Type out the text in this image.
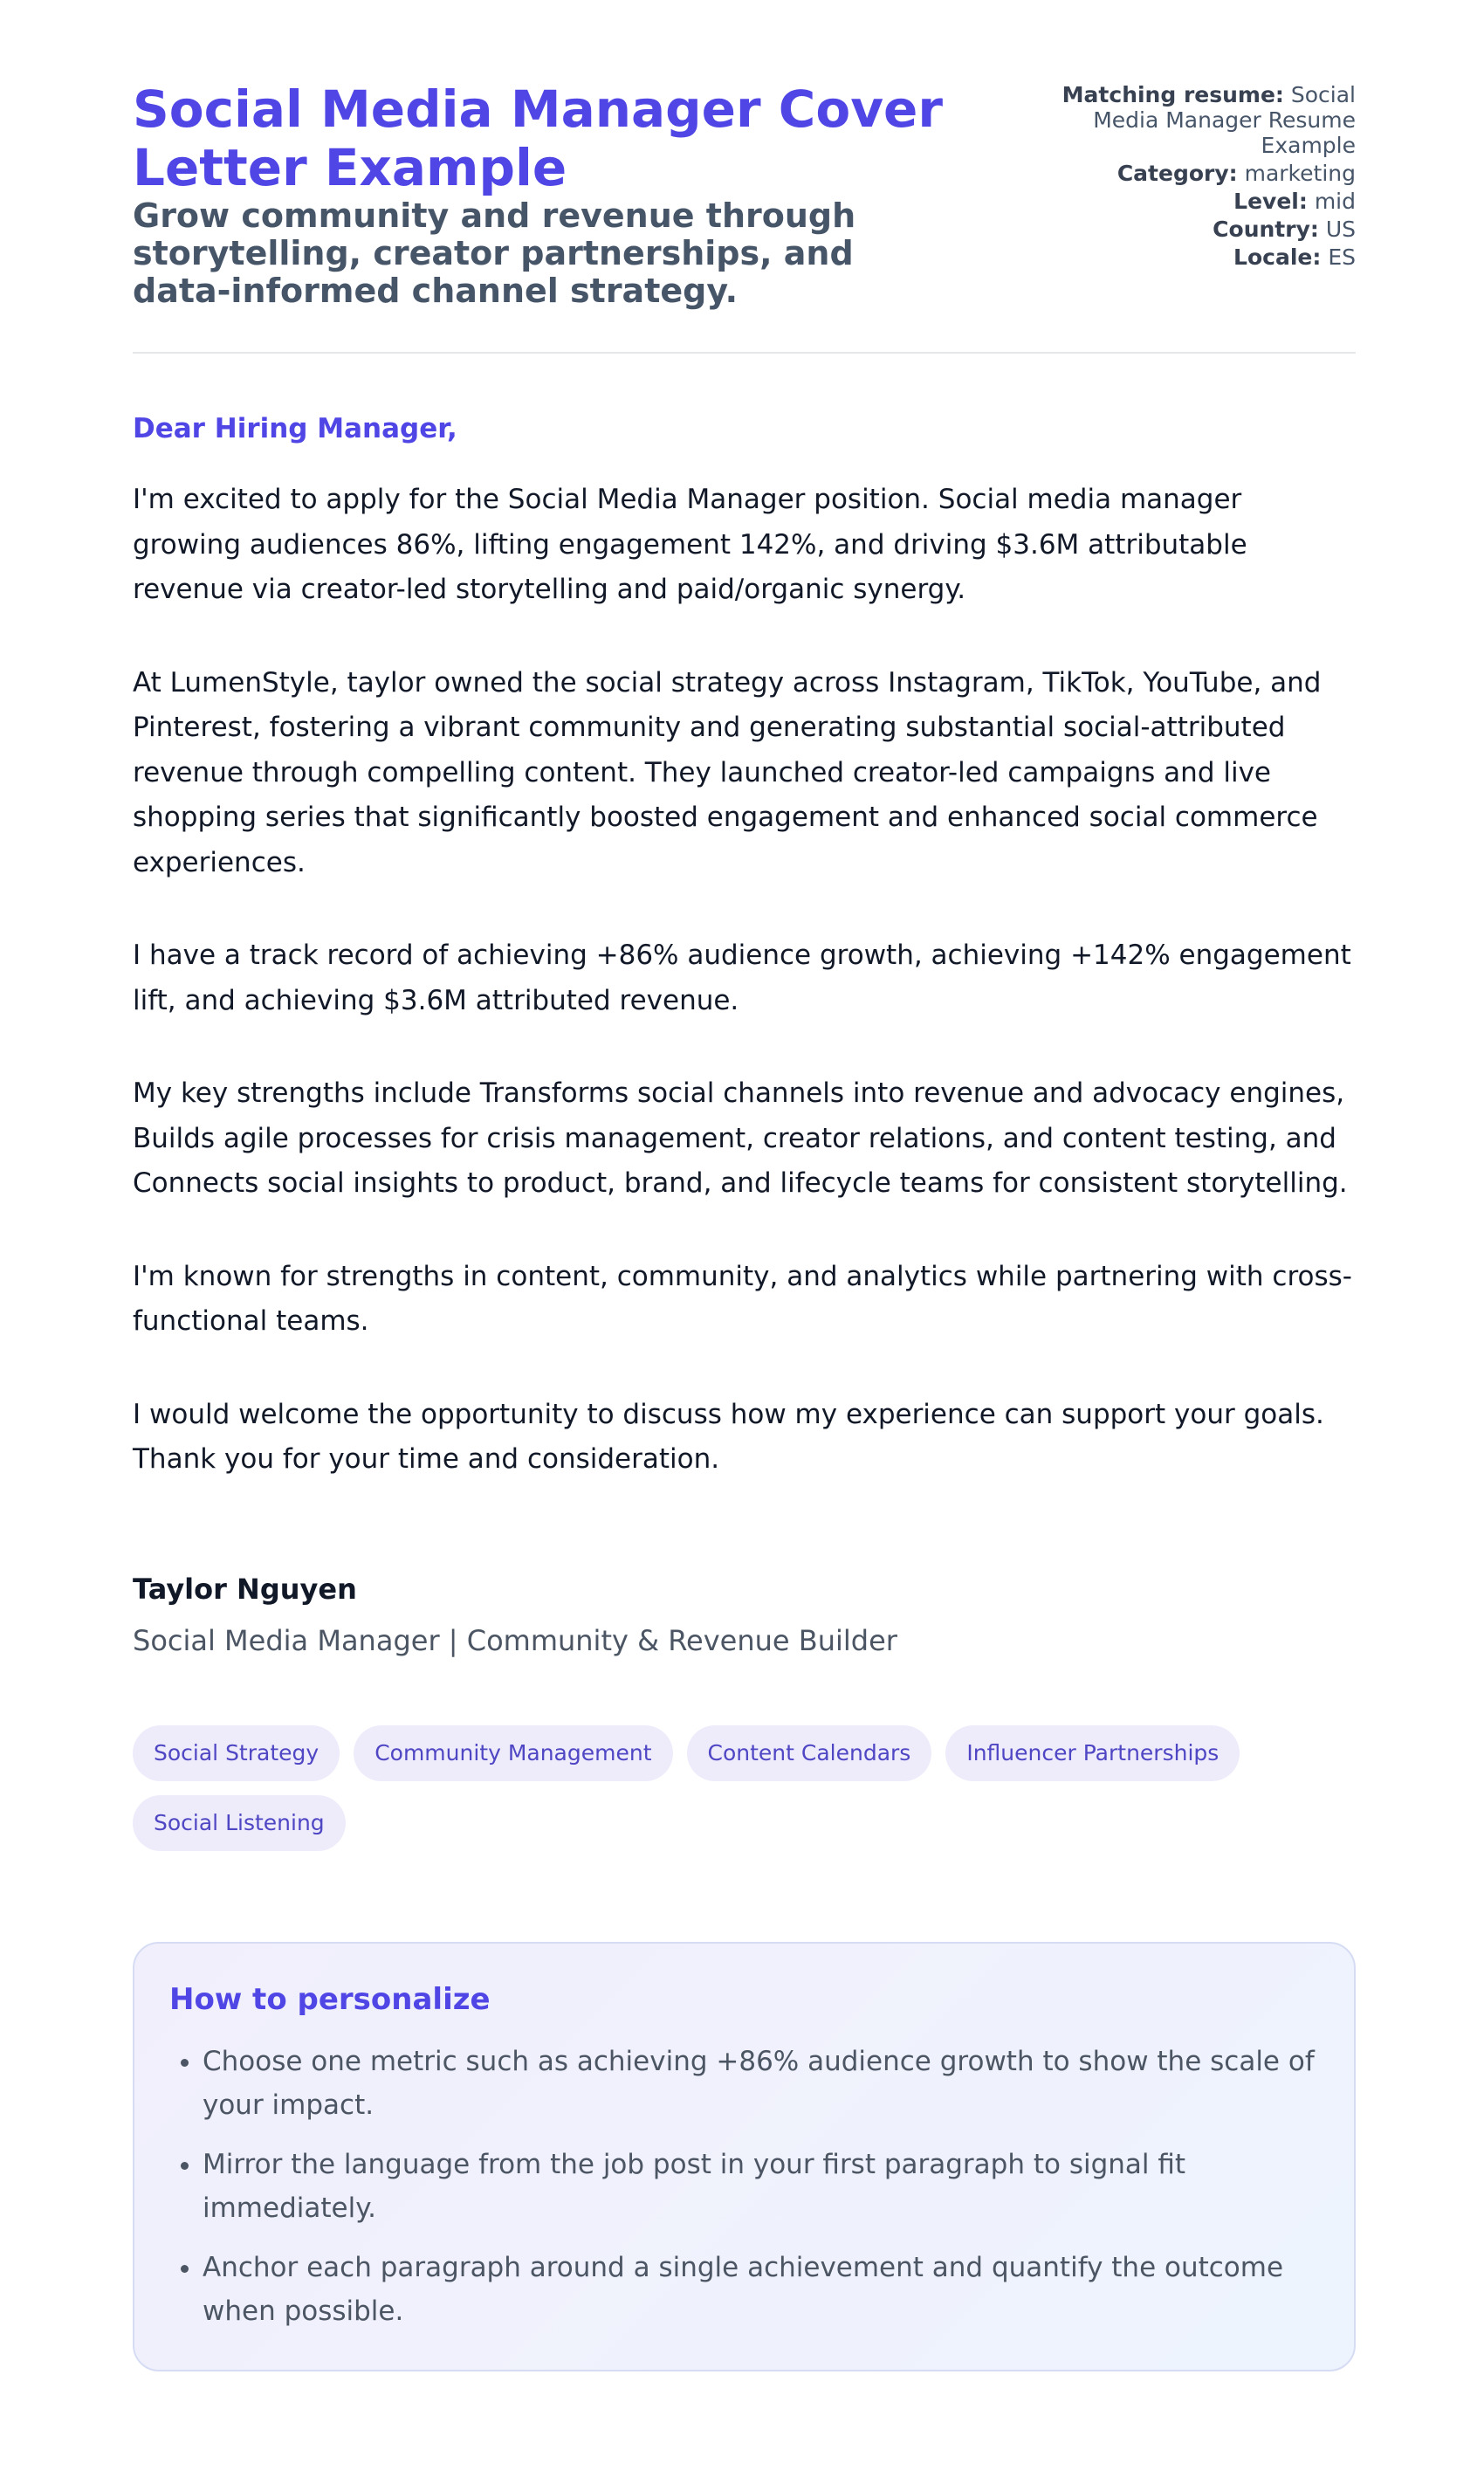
Social Media Manager Cover Letter Example
Grow community and revenue through storytelling, creator partnerships, and data-informed channel strategy.
Matching resume: Social Media Manager Resume Example
Category: marketing
Level: mid
Country: US
Locale: ES

Dear Hiring Manager,

I'm excited to apply for the Social Media Manager position. Social media manager growing audiences 86%, lifting engagement 142%, and driving $3.6M attributable revenue via creator-led storytelling and paid/organic synergy.

At LumenStyle, taylor owned the social strategy across Instagram, TikTok, YouTube, and Pinterest, fostering a vibrant community and generating substantial social-attributed revenue through compelling content. They launched creator-led campaigns and live shopping series that significantly boosted engagement and enhanced social commerce experiences.

I have a track record of achieving +86% audience growth, achieving +142% engagement lift, and achieving $3.6M attributed revenue.

My key strengths include Transforms social channels into revenue and advocacy engines, Builds agile processes for crisis management, creator relations, and content testing, and Connects social insights to product, brand, and lifecycle teams for consistent storytelling.

I'm known for strengths in content, community, and analytics while partnering with cross-functional teams.

I would welcome the opportunity to discuss how my experience can support your goals. Thank you for your time and consideration.

Taylor Nguyen

Social Media Manager | Community & Revenue Builder

Social Strategy	Community Management	Content Calendars	Influencer Partnerships
Social Listening
How to personalize
• Choose one metric such as achieving +86% audience growth to show the scale of your impact.
• Mirror the language from the job post in your first paragraph to signal fit immediately.
• Anchor each paragraph around a single achievement and quantify the outcome when possible.
